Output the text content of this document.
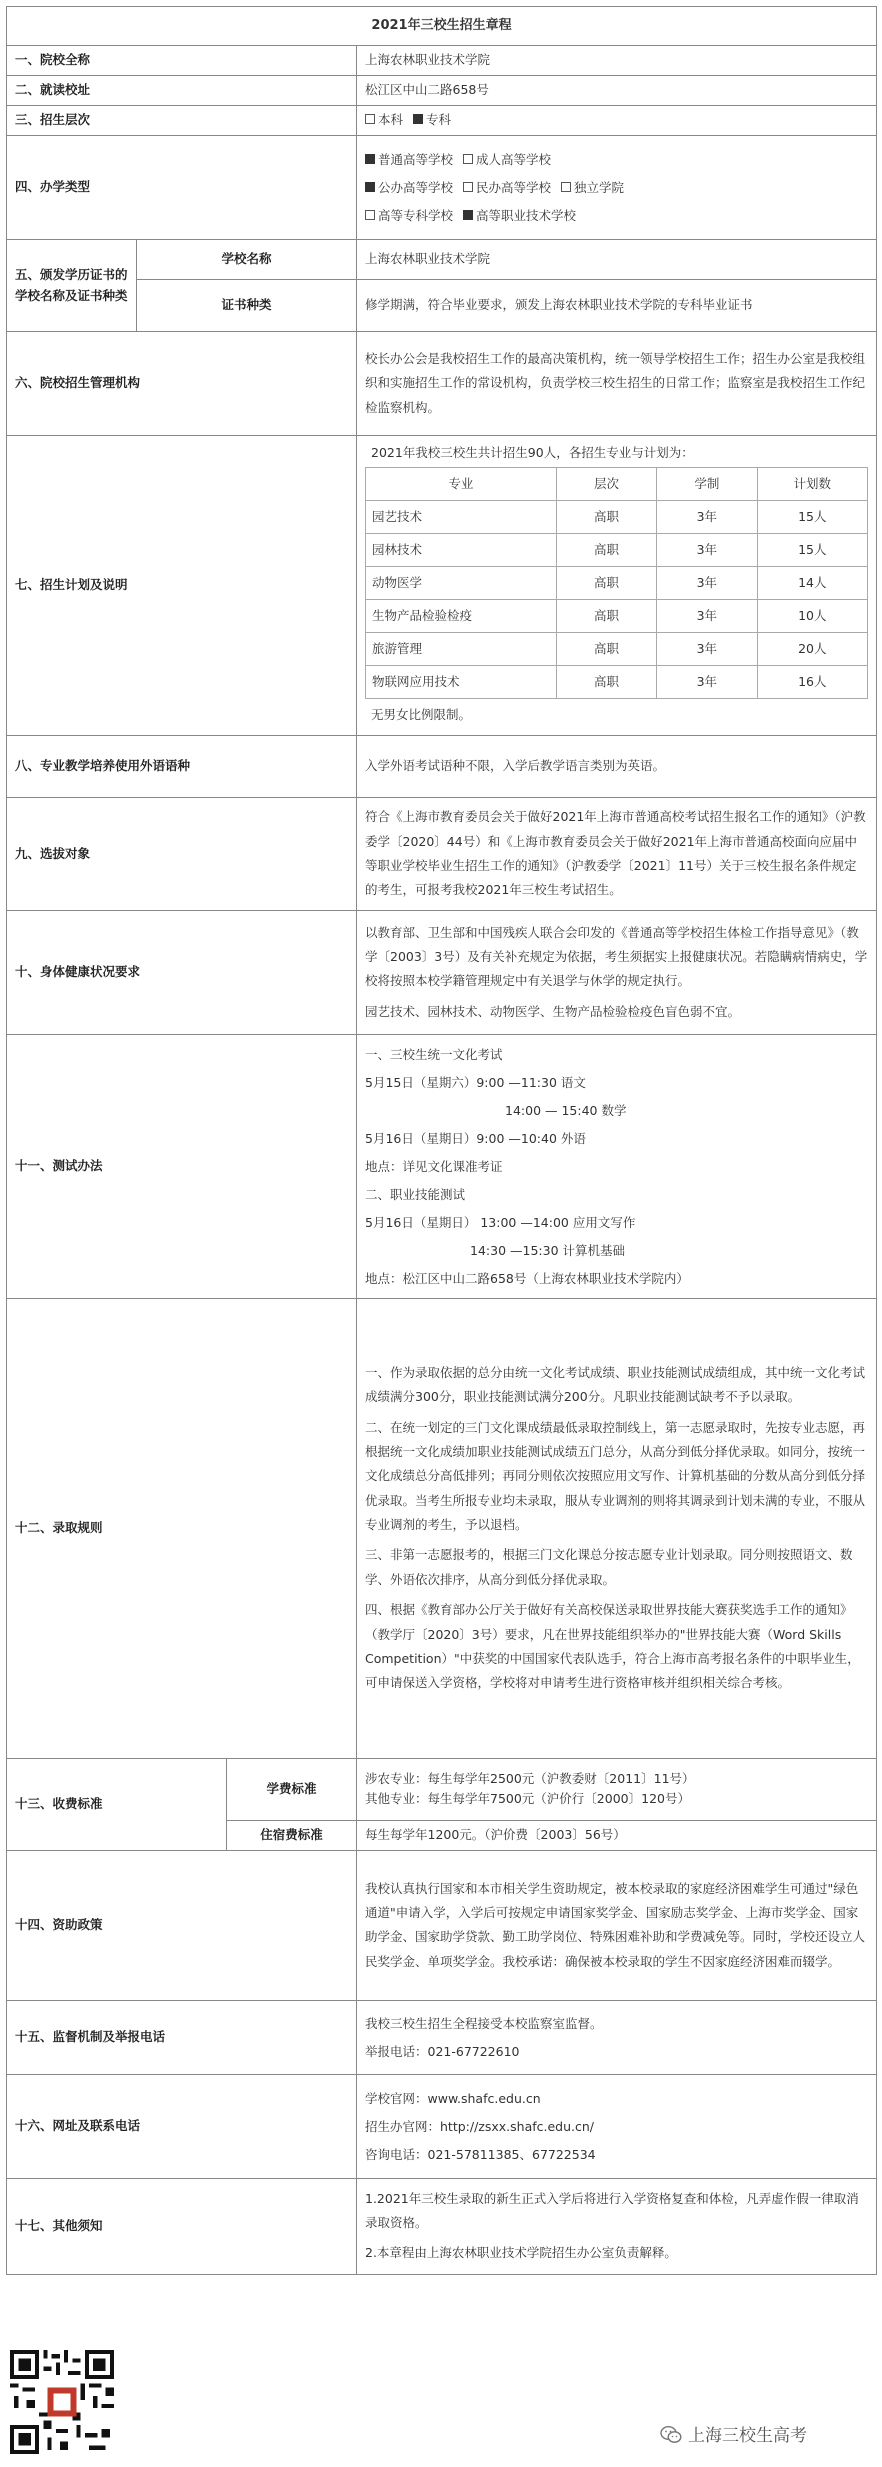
2021年三校生招生章程
一、院校全称	上海农林职业技术学院
二、就读校址	松江区中山二路658号
三、招生层次	本科 专科
四、办学类型	
普通高等学校 成人高等学校
公办高等学校 民办高等学校 独立学院
高等专科学校 高等职业技术学校

五、颁发学历证书的学校名称及证书种类	学校名称	上海农林职业技术学院
证书种类	修学期满，符合毕业要求，颁发上海农林职业技术学院的专科毕业证书
六、院校招生管理机构	

校长办公会是我校招生工作的最高决策机构，统一领导学校招生工作；招生办公室是我校组织和实施招生工作的常设机构，负责学校三校生招生的日常工作；监察室是我校招生工作纪检监察机构。

七、招生计划及说明	
2021年我校三校生共计招生90人，各招生专业与计划为：
专业	层次	学制	计划数
园艺技术	高职	3年	15人
园林技术	高职	3年	15人
动物医学	高职	3年	14人
生物产品检验检疫	高职	3年	10人
旅游管理	高职	3年	20人
物联网应用技术	高职	3年	16人
无男女比例限制。

八、专业教学培养使用外语语种	入学外语考试语种不限，入学后教学语言类别为英语。
九、选拔对象	

符合《上海市教育委员会关于做好2021年上海市普通高校考试招生报名工作的通知》（沪教委学〔2020〕44号）和《上海市教育委员会关于做好2021年上海市普通高校面向应届中等职业学校毕业生招生工作的通知》（沪教委学〔2021〕11号）关于三校生报名条件规定的考生，可报考我校2021年三校生考试招生。

十、身体健康状况要求	

以教育部、卫生部和中国残疾人联合会印发的《普通高等学校招生体检工作指导意见》（教学〔2003〕3号）及有关补充规定为依据，考生须据实上报健康状况。若隐瞒病情病史，学校将按照本校学籍管理规定中有关退学与休学的规定执行。

园艺技术、园林技术、动物医学、生物产品检验检疫色盲色弱不宜。

十一、测试办法	
一、三校生统一文化考试
5月15日（星期六）9:00 —11:30 语文
14:00 — 15:40 数学
5月16日（星期日）9:00 —10:40 外语
地点：详见文化课准考证
二、职业技能测试
5月16日（星期日） 13:00 —14:00 应用文写作
14:30 —15:30 计算机基础
地点：松江区中山二路658号（上海农林职业技术学院内）

十二、录取规则	

一、作为录取依据的总分由统一文化考试成绩、职业技能测试成绩组成，其中统一文化考试成绩满分300分，职业技能测试满分200分。凡职业技能测试缺考不予以录取。

二、在统一划定的三门文化课成绩最低录取控制线上，第一志愿录取时，先按专业志愿，再根据统一文化成绩加职业技能测试成绩五门总分，从高分到低分择优录取。如同分，按统一文化成绩总分高低排列；再同分则依次按照应用文写作、计算机基础的分数从高分到低分择优录取。当考生所报专业均未录取，服从专业调剂的则将其调录到计划未满的专业，不服从专业调剂的考生，予以退档。

三、非第一志愿报考的，根据三门文化课总分按志愿专业计划录取。同分则按照语文、数学、外语依次排序，从高分到低分择优录取。

四、根据《教育部办公厅关于做好有关高校保送录取世界技能大赛获奖选手工作的通知》（教学厅〔2020〕3号）要求，凡在世界技能组织举办的"世界技能大赛（Word Skills Competition）"中获奖的中国国家代表队选手，符合上海市高考报名条件的中职毕业生，可申请保送入学资格，学校将对申请考生进行资格审核并组织相关综合考核。

十三、收费标准	学费标准	
涉农专业：每生每学年2500元（沪教委财〔2011〕11号）
其他专业：每生每学年7500元（沪价行〔2000〕120号）

住宿费标准	每生每学年1200元。（沪价费〔2003〕56号）
十四、资助政策	

我校认真执行国家和本市相关学生资助规定，被本校录取的家庭经济困难学生可通过"绿色通道"申请入学，入学后可按规定申请国家奖学金、国家励志奖学金、上海市奖学金、国家助学金、国家助学贷款、勤工助学岗位、特殊困难补助和学费减免等。同时，学校还设立人民奖学金、单项奖学金。我校承诺：确保被本校录取的学生不因家庭经济困难而辍学。

十五、监督机制及举报电话	
我校三校生招生全程接受本校监察室监督。
举报电话：021-67722610

十六、网址及联系电话	
学校官网：www.shafc.edu.cn
招生办官网：http://zsxx.shafc.edu.cn/
咨询电话：021-57811385、67722534

十七、其他须知	

1.2021年三校生录取的新生正式入学后将进行入学资格复查和体检，凡弄虚作假一律取消录取资格。

2.本章程由上海农林职业技术学院招生办公室负责解释。

上海三校生高考
